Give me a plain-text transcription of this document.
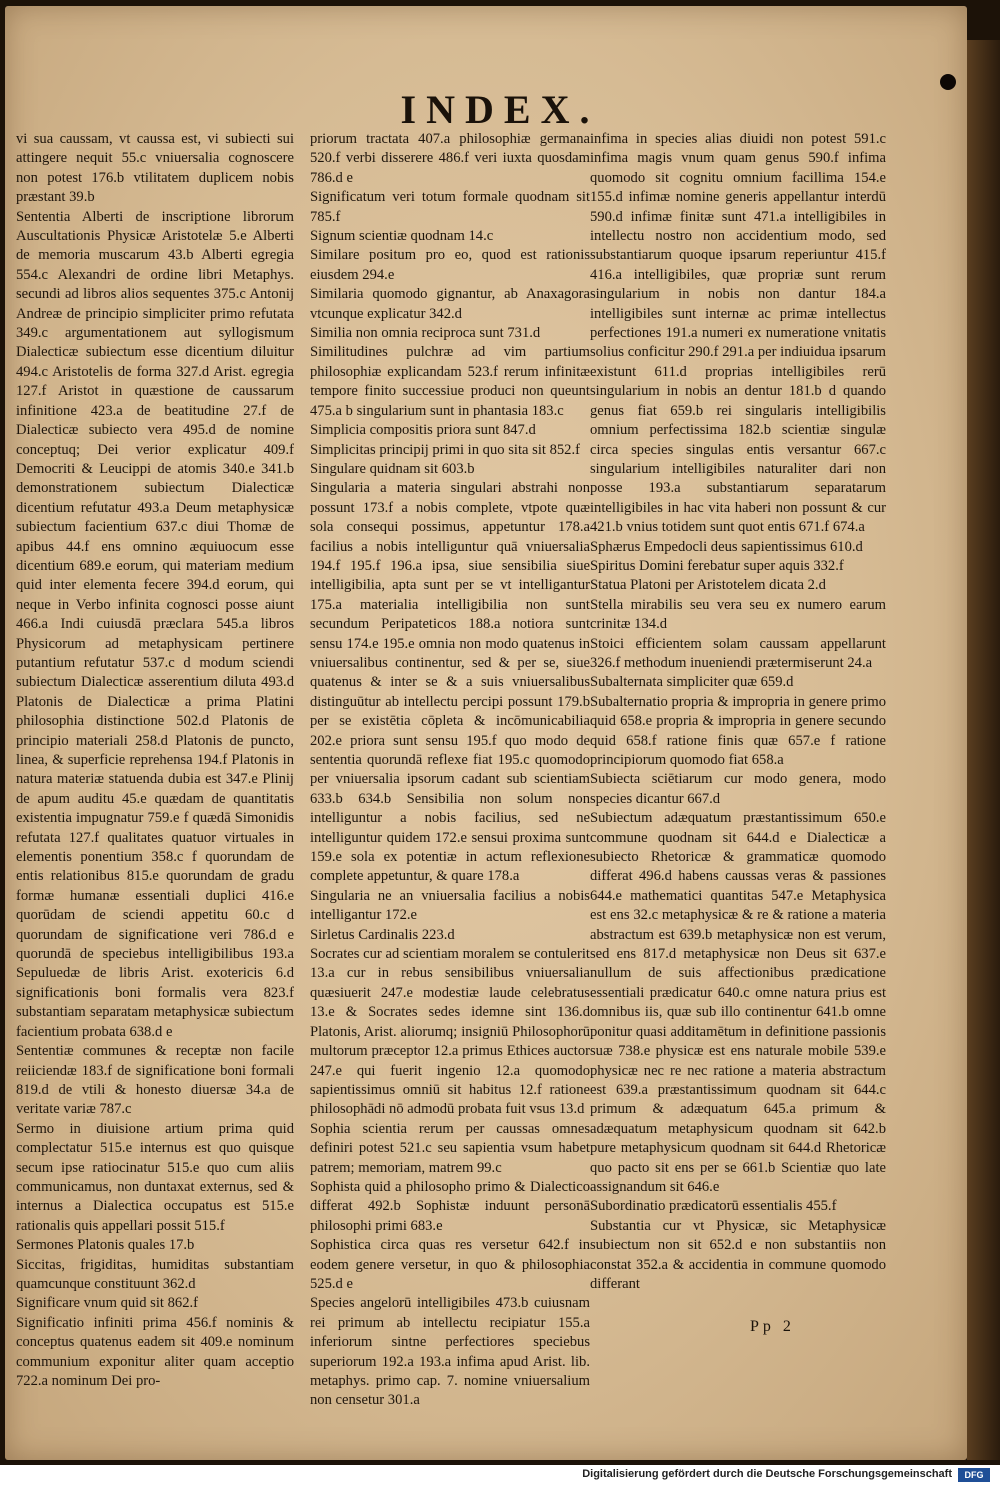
INDEX.

vi sua caussam, vt caussa est, vi subiecti sui attingere nequit 55.c vniuersalia cognoscere non potest 176.b vtilitatem duplicem nobis præstant 39.b

Sententia Alberti de inscriptione librorum Auscultationis Physicæ Aristotelæ 5.e Alberti de memoria muscarum 43.b Alberti egregia 554.c Alexandri de ordine libri Metaphys. secundi ad libros alios sequentes 375.c Antonij Andreæ de principio simpliciter primo refutata 349.c argumentationem aut syllogismum Dialecticæ subiectum esse dicentium diluitur 494.c Aristotelis de forma 327.d Arist. egregia 127.f Aristot in quæstione de caussarum infinitione 423.a de beatitudine 27.f de Dialecticæ subiecto vera 495.d de nomine conceptuq; Dei verior explicatur 409.f Democriti & Leucippi de atomis 340.e 341.b demonstrationem subiectum Dialecticæ dicentium refutatur 493.a Deum metaphysicæ subiectum facientium 637.c diui Thomæ de apibus 44.f ens omnino æquiuocum esse dicentium 689.e eorum, qui materiam medium quid inter elementa fecere 394.d eorum, qui neque in Verbo infinita cognosci posse aiunt 466.a Indi cuiusdā præclara 545.a libros Physicorum ad metaphysicam pertinere putantium refutatur 537.c d modum sciendi subiectum Dialecticæ asserentium diluta 493.d Platonis de Dialecticæ a prima Platini philosophia distinctione 502.d Platonis de principio materiali 258.d Platonis de puncto, linea, & superficie reprehensa 194.f Platonis in natura materiæ statuenda dubia est 347.e Plinij de apum auditu 45.e quædam de quantitatis existentia impugnatur 759.e f quædā Simonidis refutata 127.f qualitates quatuor virtuales in elementis ponentium 358.c f quorundam de entis relationibus 815.e quorundam de gradu formæ humanæ essentiali duplici 416.e quorūdam de sciendi appetitu 60.c d quorundam de significatione veri 786.d e quorundā de speciebus intelligibilibus 193.a Sepuluedæ de libris Arist. exotericis 6.d significationis boni formalis vera 823.f substantiam separatam metaphysicæ subiectum facientium probata 638.d e

Sententiæ communes & receptæ non facile reiiciendæ 183.f de significatione boni formali 819.d de vtili & honesto diuersæ 34.a de veritate variæ 787.c

Sermo in diuisione artium prima quid complectatur 515.e internus est quo quisque secum ipse ratiocinatur 515.e quo cum aliis communicamus, non duntaxat externus, sed & internus a Dialectica occupatus est 515.e rationalis quis appellari possit 515.f

Sermones Platonis quales 17.b

Siccitas, frigiditas, humiditas substantiam quamcunque constituunt 362.d

Significare vnum quid sit 862.f

Significatio infiniti prima 456.f nominis & conceptus quatenus eadem sit 409.e nominum communium exponitur aliter quam acceptio 722.a nominum Dei pro-

priorum tractata 407.a philosophiæ germana 520.f verbi disserere 486.f veri iuxta quosdam 786.d e

Significatum veri totum formale quodnam sit 785.f

Signum scientiæ quodnam 14.c

Similare positum pro eo, quod est rationis eiusdem 294.e

Similaria quomodo gignantur, ab Anaxagora vtcunque explicatur 342.d

Similia non omnia reciproca sunt 731.d

Similitudines pulchræ ad vim partium philosophiæ explicandam 523.f rerum infinitæ tempore finito successiue produci non queunt 475.a b singularium sunt in phantasia 183.c

Simplicia compositis priora sunt 847.d

Simplicitas principij primi in quo sita sit 852.f

Singulare quidnam sit 603.b

Singularia a materia singulari abstrahi non possunt 173.f a nobis complete, vtpote quæ sola consequi possimus, appetuntur 178.a facilius a nobis intelliguntur quā vniuersalia 194.f 195.f 196.a ipsa, siue sensibilia siue intelligibilia, apta sunt per se vt intelligantur 175.a materialia intelligibilia non sunt secundum Peripateticos 188.a notiora sunt sensu 174.e 195.e omnia non modo quatenus in vniuersalibus continentur, sed & per se, siue quatenus & inter se & a suis vniuersalibus distinguūtur ab intellectu percipi possunt 179.b per se existētia cōpleta & incōmunicabilia 202.e priora sunt sensu 195.f quo modo de sententia quorundā reflexe fiat 195.c quomodo per vniuersalia ipsorum cadant sub scientiam 633.b 634.b Sensibilia non solum non intelliguntur a nobis facilius, sed ne intelliguntur quidem 172.e sensui proxima sunt 159.e sola ex potentiæ in actum reflexione complete appetuntur, & quare 178.a

Singularia ne an vniuersalia facilius a nobis intelligantur 172.e

Sirletus Cardinalis 223.d

Socrates cur ad scientiam moralem se contulerit 13.a cur in rebus sensibilibus vniuersalia quæsiuerit 247.e modestiæ laude celebratus 13.e & Socrates sedes idemne sint 136.d Platonis, Arist. aliorumq; insigniū Philosophorū multorum præceptor 12.a primus Ethices auctor 247.e qui fuerit ingenio 12.a quomodo sapientissimus omniū sit habitus 12.f ratione philosophādi nō admodū probata fuit vsus 13.d

Sophia scientia rerum per caussas omnes definiri potest 521.c seu sapientia vsum habet patrem; memoriam, matrem 99.c

Sophista quid a philosopho primo & Dialectico differat 492.b Sophistæ induunt personā philosophi primi 683.e

Sophistica circa quas res versetur 642.f in eodem genere versetur, in quo & philosophia 525.d e

Species angelorū intelligibiles 473.b cuiusnam rei primum ab intellectu recipiatur 155.a inferiorum sintne perfectiores speciebus superiorum 192.a 193.a infima apud Arist. lib. metaphys. primo cap. 7. nomine vniuersalium non censetur 301.a

infima in species alias diuidi non potest 591.c infima magis vnum quam genus 590.f infima quomodo sit cognitu omnium facillima 154.e 155.d infimæ nomine generis appellantur interdū 590.d infimæ finitæ sunt 471.a intelligibiles in intellectu nostro non accidentium modo, sed substantiarum quoque ipsarum reperiuntur 415.f 416.a intelligibiles, quæ propriæ sunt rerum singularium in nobis non dantur 184.a intelligibiles sunt internæ ac primæ intellectus perfectiones 191.a numeri ex numeratione vnitatis solius conficitur 290.f 291.a per indiuidua ipsarum existunt 611.d proprias intelligibiles rerū singularium in nobis an dentur 181.b d quando genus fiat 659.b rei singularis intelligibilis omnium perfectissima 182.b scientiæ singulæ circa species singulas entis versantur 667.c singularium intelligibiles naturaliter dari non posse 193.a substantiarum separatarum intelligibiles in hac vita haberi non possunt & cur 421.b vnius totidem sunt quot entis 671.f 674.a

Sphærus Empedocli deus sapientissimus 610.d

Spiritus Domini ferebatur super aquis 332.f

Statua Platoni per Aristotelem dicata 2.d

Stella mirabilis seu vera seu ex numero earum crinitæ 134.d

Stoici efficientem solam caussam appellarunt 326.f methodum inueniendi prætermiserunt 24.a

Subalternata simpliciter quæ 659.d

Subalternatio propria & impropria in genere primo quid 658.e propria & impropria in genere secundo quid 658.f ratione finis quæ 657.e f ratione principiorum quomodo fiat 658.a

Subiecta sciētiarum cur modo genera, modo species dicantur 667.d

Subiectum adæquatum præstantissimum 650.e commune quodnam sit 644.d e Dialecticæ a subiecto Rhetoricæ & grammaticæ quomodo differat 496.d habens caussas veras & passiones 644.e mathematici quantitas 547.e Metaphysica est ens 32.c metaphysicæ & re & ratione a materia abstractum est 639.b metaphysicæ non est verum, sed ens 817.d metaphysicæ non Deus sit 637.e nullum de suis affectionibus prædicatione essentiali prædicatur 640.c omne natura prius est omnibus iis, quæ sub illo continentur 641.b omne ponitur quasi additamētum in definitione passionis suæ 738.e physicæ est ens naturale mobile 539.e physicæ nec re nec ratione a materia abstractum est 639.a præstantissimum quodnam sit 644.c primum & adæquatum 645.a primum & adæquatum metaphysicum quodnam sit 642.b pure metaphysicum quodnam sit 644.d Rhetoricæ quo pacto sit ens per se 661.b Scientiæ quo late assignandum sit 646.e

Subordinatio prædicatorū essentialis 455.f

Substantia cur vt Physicæ, sic Metaphysicæ subiectum non sit 652.d e non substantiis non constat 352.a & accidentia in commune quomodo differant

Pp 2
Digitalisierung gefördert durch die Deutsche Forschungsgemeinschaft	DFG
